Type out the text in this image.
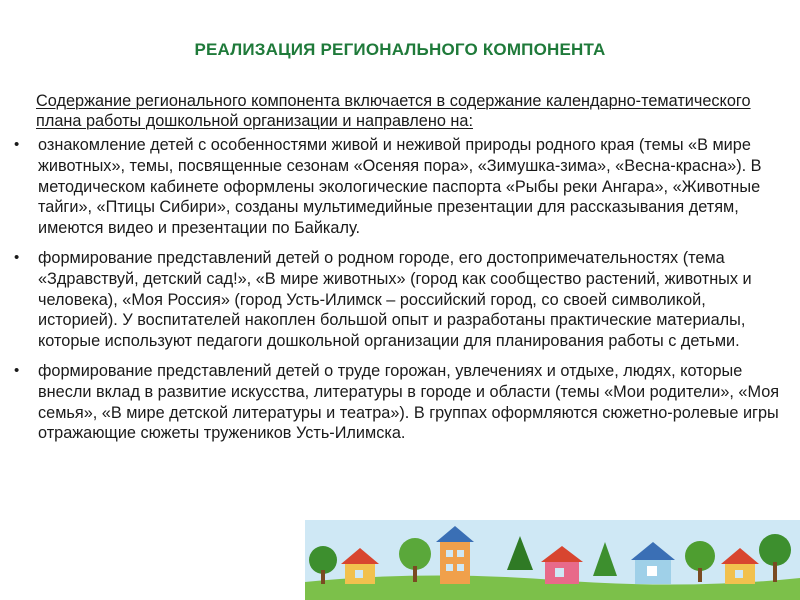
РЕАЛИЗАЦИЯ РЕГИОНАЛЬНОГО КОМПОНЕНТА
Содержание регионального компонента включается в содержание календарно-тематического плана работы дошкольной организации и направлено на:
• ознакомление детей с особенностями живой и неживой природы родного края (темы «В мире животных», темы, посвященные сезонам «Осеняя пора», «Зимушка-зима», «Весна-красна»). В методическом кабинете оформлены экологические паспорта «Рыбы реки Ангара», «Животные тайги», «Птицы Сибири», созданы мультимедийные презентации для рассказывания детям, имеются видео и презентации по Байкалу.
• формирование представлений детей о родном городе, его достопримечательностях (тема «Здравствуй, детский сад!», «В мире животных» (город как сообщество растений, животных и человека), «Моя Россия» (город Усть-Илимск – российский город, со своей символикой, историей). У воспитателей накоплен большой опыт и разработаны практические материалы, которые используют педагоги дошкольной организации для планирования работы с детьми.
• формирование представлений детей о труде горожан, увлечениях и отдыхе, людях, которые внесли вклад в развитие искусства, литературы в городе и области (темы «Мои родители», «Моя семья», «В мире детской литературы и театра»). В группах оформляются сюжетно-ролевые игры отражающие сюжеты тружеников Усть-Илимска.
